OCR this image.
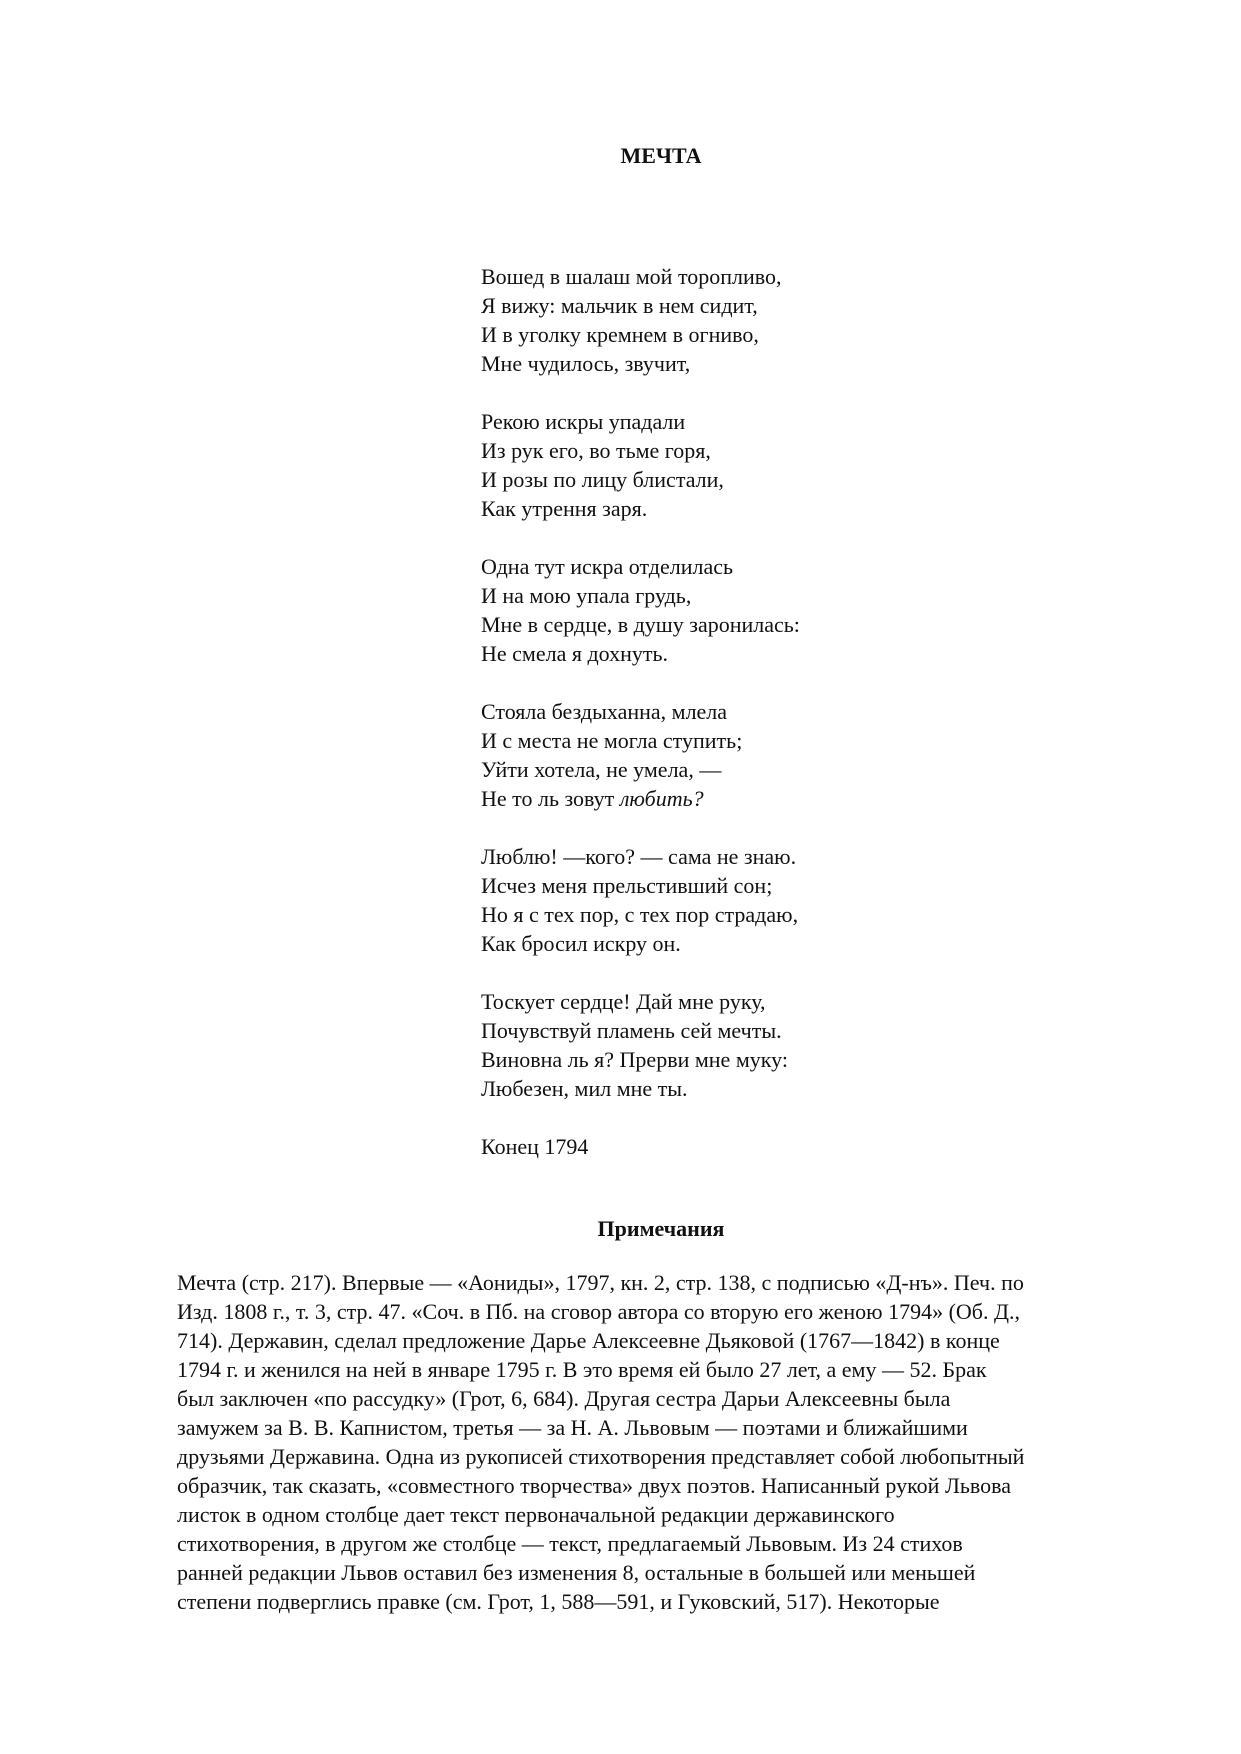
МЕЧТА
Вошед в шалаш мой торопливо,
Я вижу: мальчик в нем сидит,
И в уголку кремнем в огниво,
Мне чудилось, звучит,
Рекою искры упадали
Из рук его, во тьме горя,
И розы по лицу блистали,
Как утрення заря.
Одна тут искра отделилась
И на мою упала грудь,
Мне в сердце, в душу заронилась:
Не смела я дохнуть.
Стояла бездыханна, млела
И с места не могла ступить;
Уйти хотела, не умела, —
Не то ль зовут любить?
Люблю! —кого? — сама не знаю.
Исчез меня прельстивший сон;
Но я с тех пор, с тех пор страдаю,
Как бросил искру он.
Тоскует сердце! Дай мне руку,
Почувствуй пламень сей мечты.
Виновна ль я? Прерви мне муку:
Любезен, мил мне ты.
Конец 1794
Примечания
Мечта (стр. 217). Впервые — «Аониды», 1797, кн. 2, стр. 138, с подписью «Д-нъ». Печ. по
Изд. 1808 г., т. 3, стр. 47. «Соч. в Пб. на сговор автора со вторую его женою 1794» (Об. Д.,
714). Державин, сделал предложение Дарье Алексеевне Дьяковой (1767—1842) в конце
1794 г. и женился на ней в январе 1795 г. В это время ей было 27 лет, а ему — 52. Брак
был заключен «по рассудку» (Грот, 6, 684). Другая сестра Дарьи Алексеевны была
замужем за В. В. Капнистом, третья — за Н. А. Львовым — поэтами и ближайшими
друзьями Державина. Одна из рукописей стихотворения представляет собой любопытный
образчик, так сказать, «совместного творчества» двух поэтов. Написанный рукой Львова
листок в одном столбце дает текст первоначальной редакции державинского
стихотворения, в другом же столбце — текст, предлагаемый Львовым. Из 24 стихов
ранней редакции Львов оставил без изменения 8, остальные в большей или меньшей
степени подверглись правке (см. Грот, 1, 588—591, и Гуковский, 517). Некоторые
